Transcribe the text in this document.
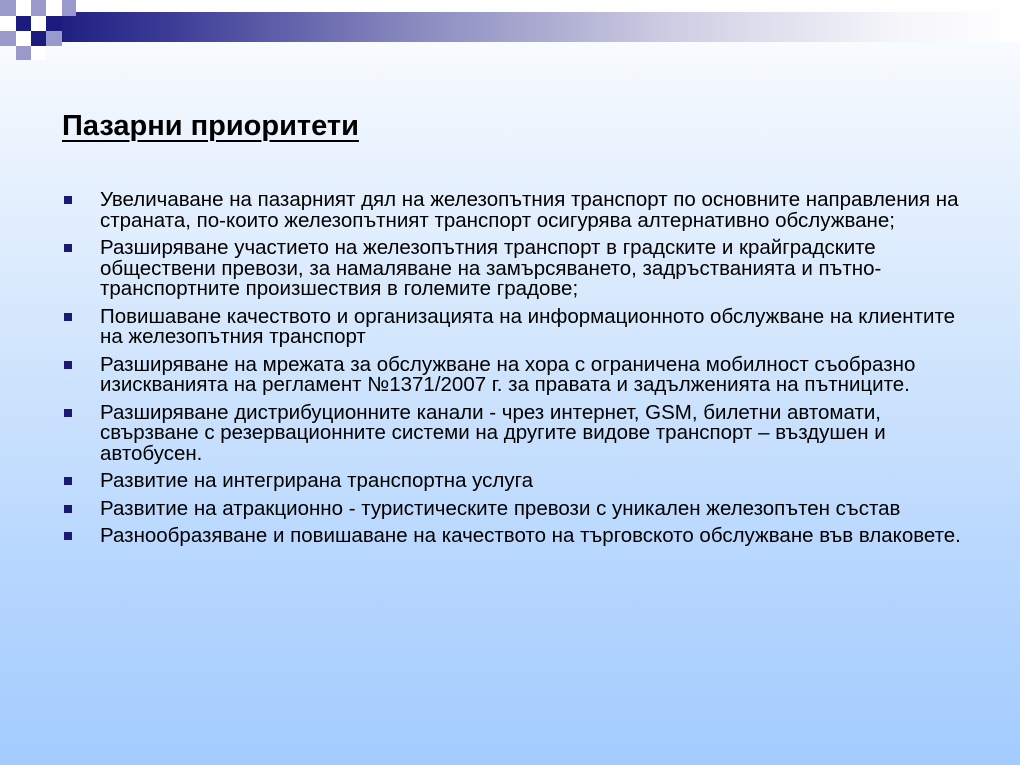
Пазарни приоритети
Увеличаване на пазарният дял на железопътния транспорт по основните направления на страната, по-които железопътният транспорт осигурява алтернативно обслужване;
Разширяване участието на железопътния транспорт в градските и крайградските обществени превози, за намаляване на замърсяването, задръстванията и пътно- транспортните произшествия в големите градове;
Повишаване качеството и организацията на информационното обслужване на клиентите на железопътния транспорт
Разширяване на мрежата за обслужване на хора с ограничена мобилност съобразно изискванията на регламент №1371/2007 г. за правата и задълженията на пътниците.
Разширяване дистрибуционните канали - чрез интернет, GSM, билетни автомати, свързване с резервационните системи на другите видове транспорт – въздушен и автобусен.
Развитие на интегрирана транспортна услуга
Развитие на атракционно - туристическите превози с уникален железопътен състав
Разнообразяване и повишаване на качеството на търговското обслужване във влаковете.
